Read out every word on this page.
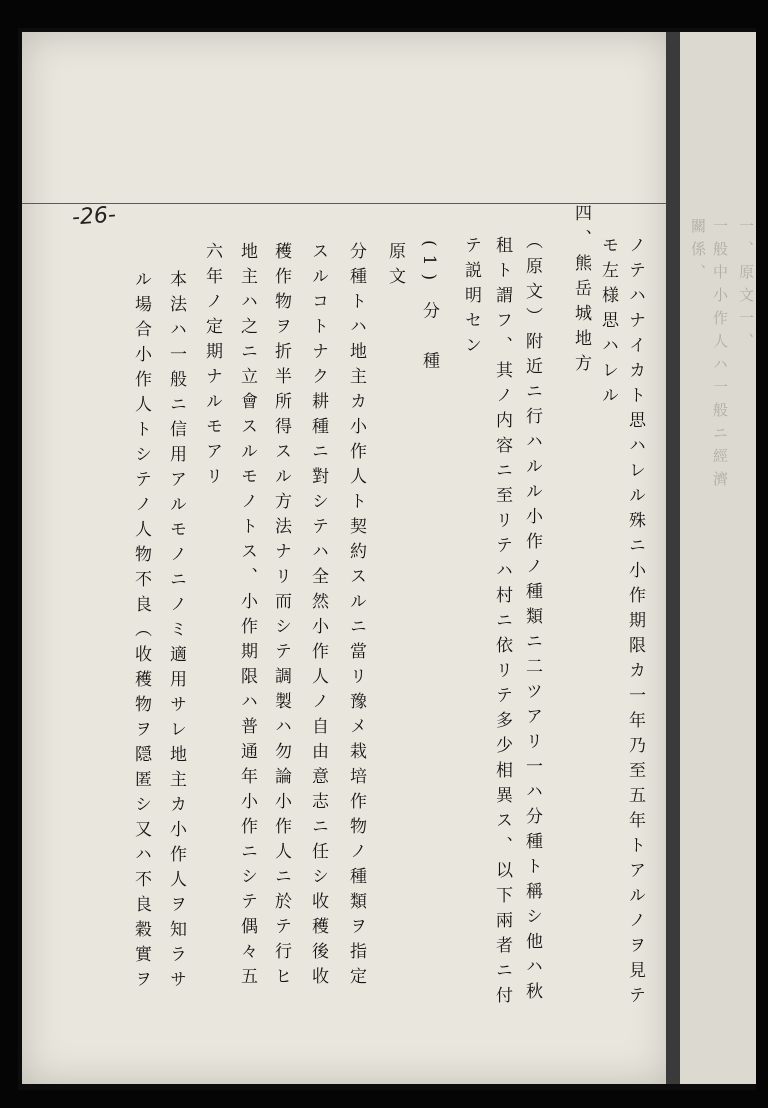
一、原文一、
一般中小作人ハ一般ニ經濟
關係、
-26-
ノテハナイカト思ハレル殊ニ小作期限カ一年乃至五年トアルノヲ見テ
モ左様思ハレル
四、熊岳城地方
（原文）附近ニ行ハルル小作ノ種類ニ二ツアリ一ハ分種ト稱シ他ハ秋
租ト謂フ、其ノ内容ニ至リテハ村ニ依リテ多少相異ス、以下兩者ニ付
テ説明セン
(1) 分　種
原文
分種トハ地主カ小作人ト契約スルニ當リ豫メ栽培作物ノ種類ヲ指定
スルコトナク耕種ニ對シテハ全然小作人ノ自由意志ニ任シ收穫後收
穫作物ヲ折半所得スル方法ナリ而シテ調製ハ勿論小作人ニ於テ行ヒ
地主ハ之ニ立會スルモノトス、小作期限ハ普通年小作ニシテ偶々五
六年ノ定期ナルモアリ
本法ハ一般ニ信用アルモノニノミ適用サレ地主カ小作人ヲ知ラサ
ル場合小作人トシテノ人物不良（收穫物ヲ隠匿シ又ハ不良穀實ヲ
